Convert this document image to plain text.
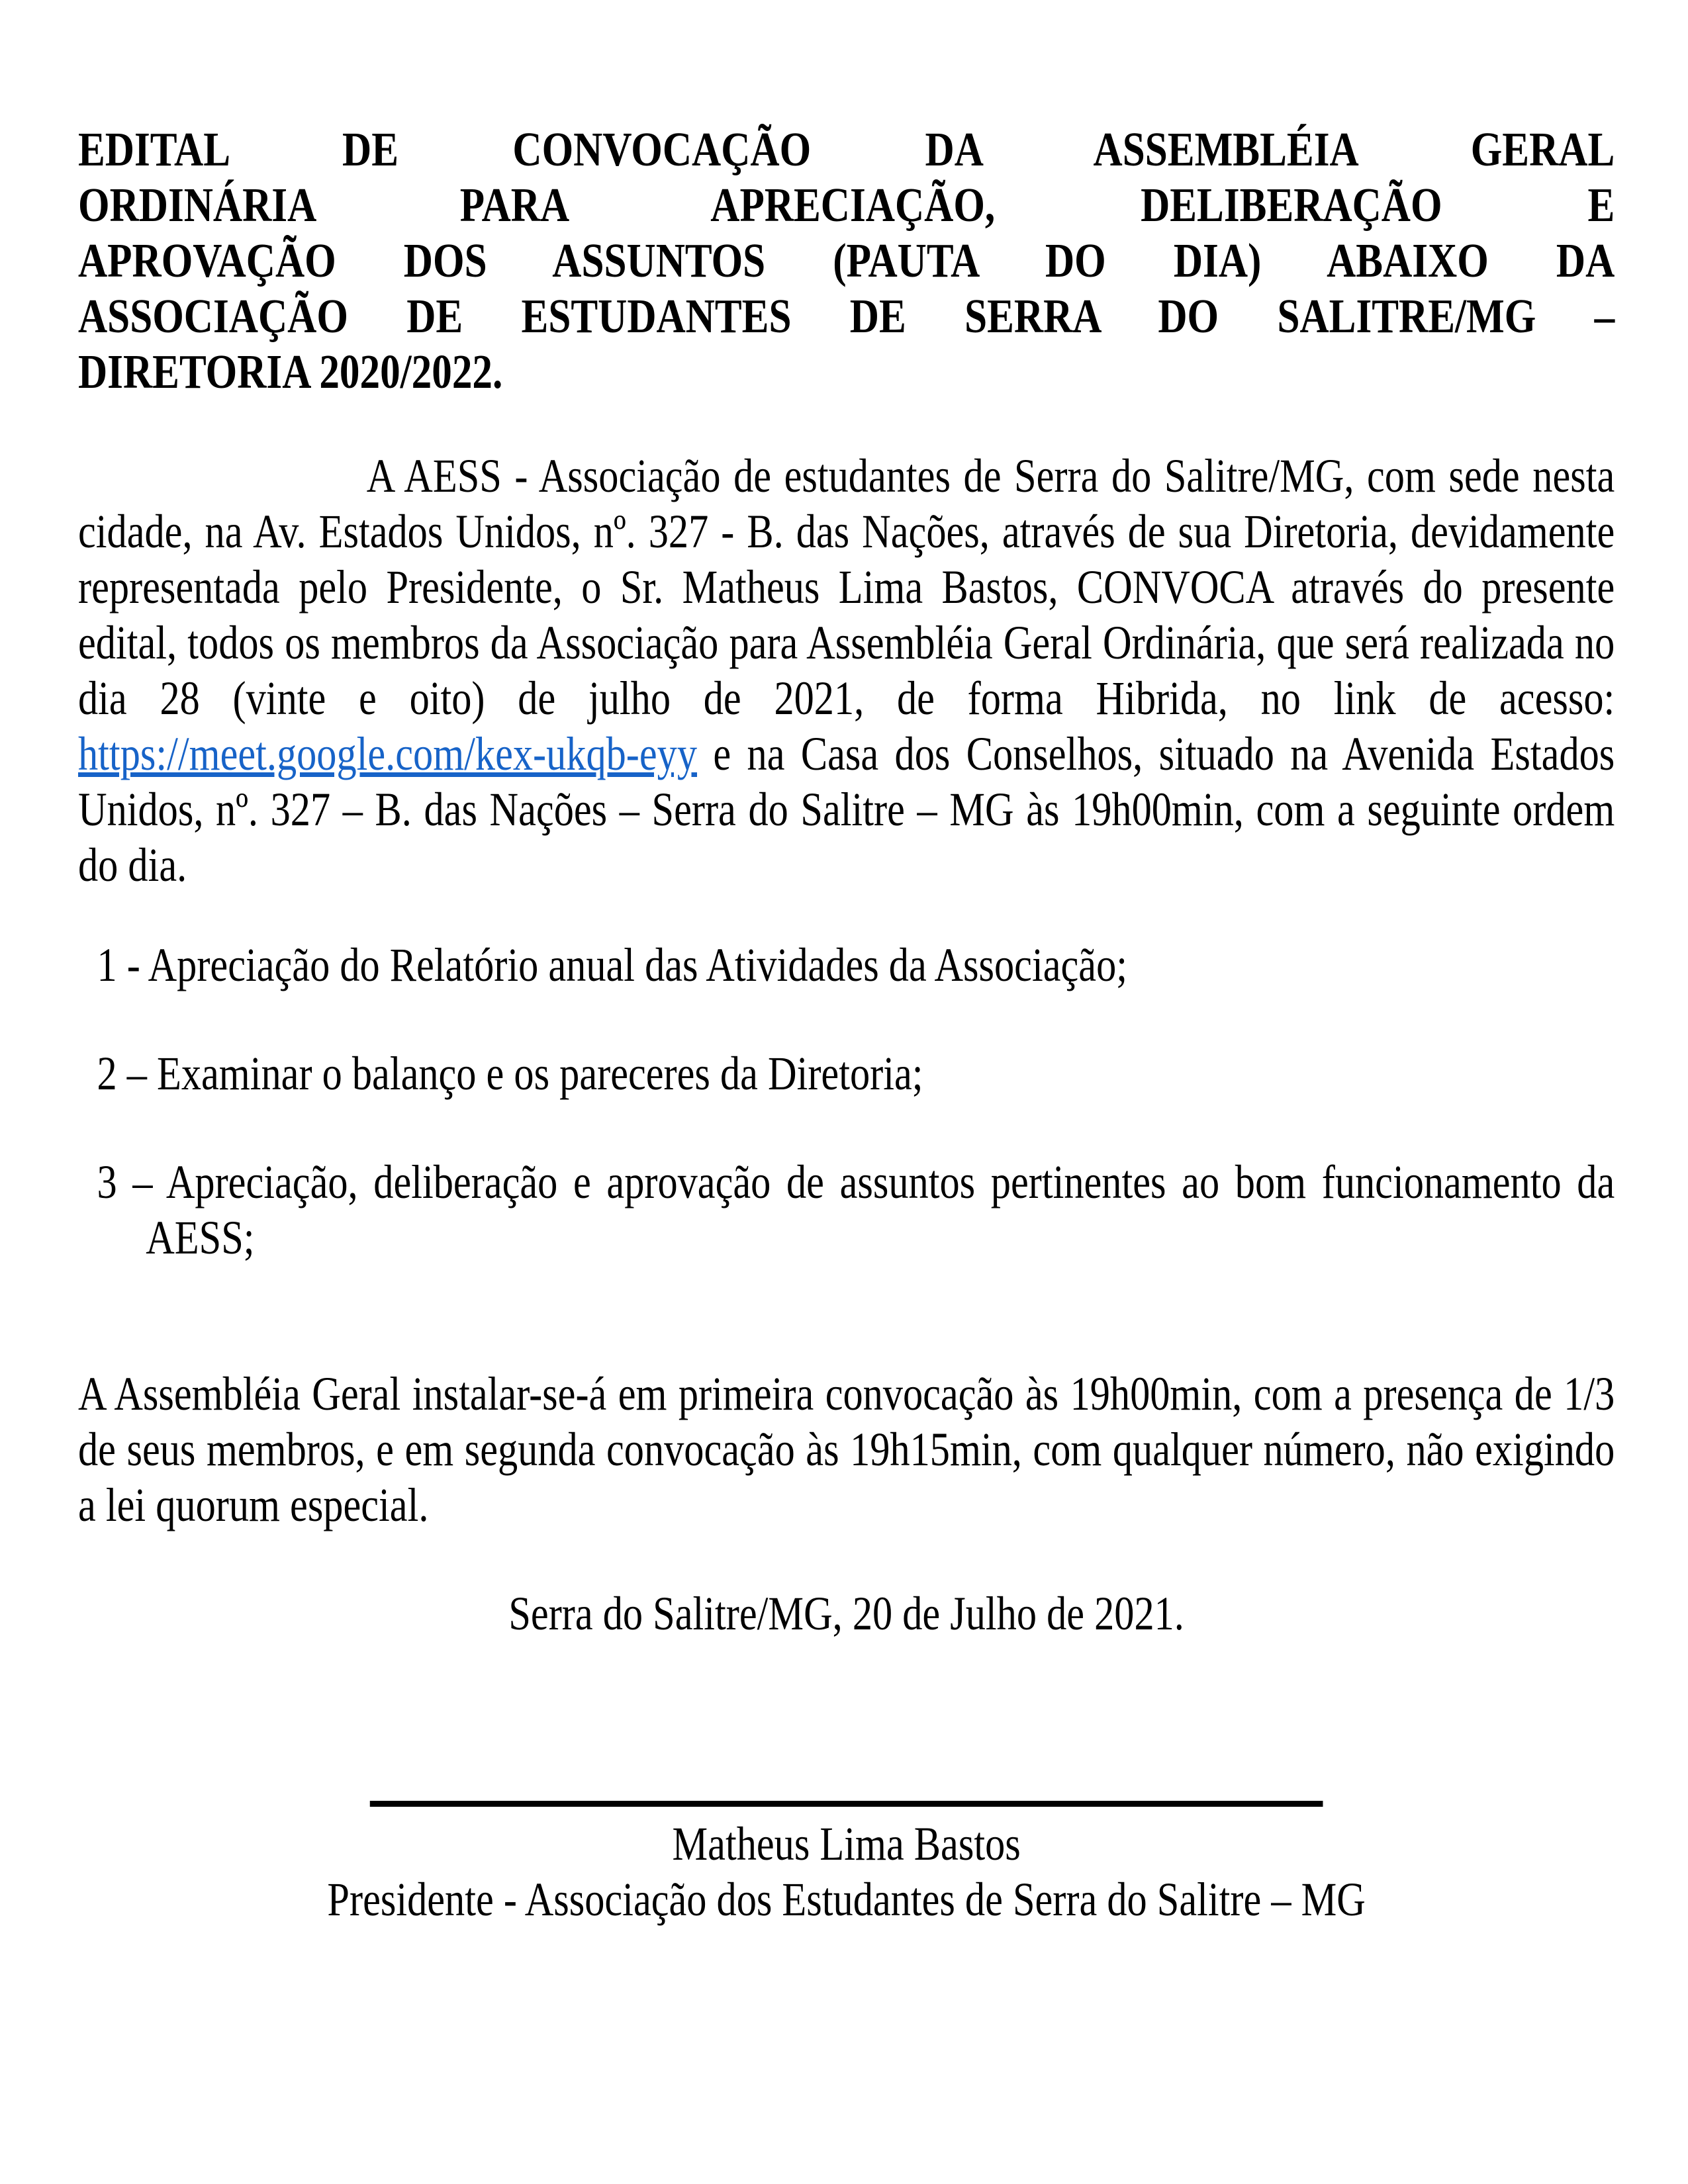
EDITAL DE CONVOCAÇÃO DA ASSEMBLÉIA GERAL
ORDINÁRIA PARA APRECIAÇÃO, DELIBERAÇÃO E
APROVAÇÃO DOS ASSUNTOS (PAUTA DO DIA) ABAIXO DA
ASSOCIAÇÃO DE ESTUDANTES DE SERRA DO SALITRE/MG –
DIRETORIA 2020/2022.
A AESS - Associação de estudantes de Serra do Salitre/MG, com sede nesta cidade, na Av. Estados Unidos, nº. 327 - B. das Nações, através de sua Diretoria, devidamente representada pelo Presidente, o Sr. Matheus Lima Bastos, CONVOCA através do presente edital, todos os membros da Associação para Assembléia Geral Ordinária, que será realizada no dia 28 (vinte e oito) de julho de 2021, de forma Hibrida, no link de acesso: https://meet.google.com/kex-ukqb-eyy e na Casa dos Conselhos, situado na Avenida Estados Unidos, nº. 327 – B. das Nações – Serra do Salitre – MG às 19h00min, com a seguinte ordem do dia.
1 - Apreciação do Relatório anual das Atividades da Associação;
2 – Examinar o balanço e os pareceres da Diretoria;
3 – Apreciação, deliberação e aprovação de assuntos pertinentes ao bom funcionamento da AESS;
A Assembléia Geral instalar-se-á em primeira convocação às 19h00min, com a presença de 1/3 de seus membros, e em segunda convocação às 19h15min, com qualquer número, não exigindo a lei quorum especial.
Serra do Salitre/MG, 20 de Julho de 2021.
Matheus Lima Bastos
Presidente - Associação dos Estudantes de Serra do Salitre – MG
